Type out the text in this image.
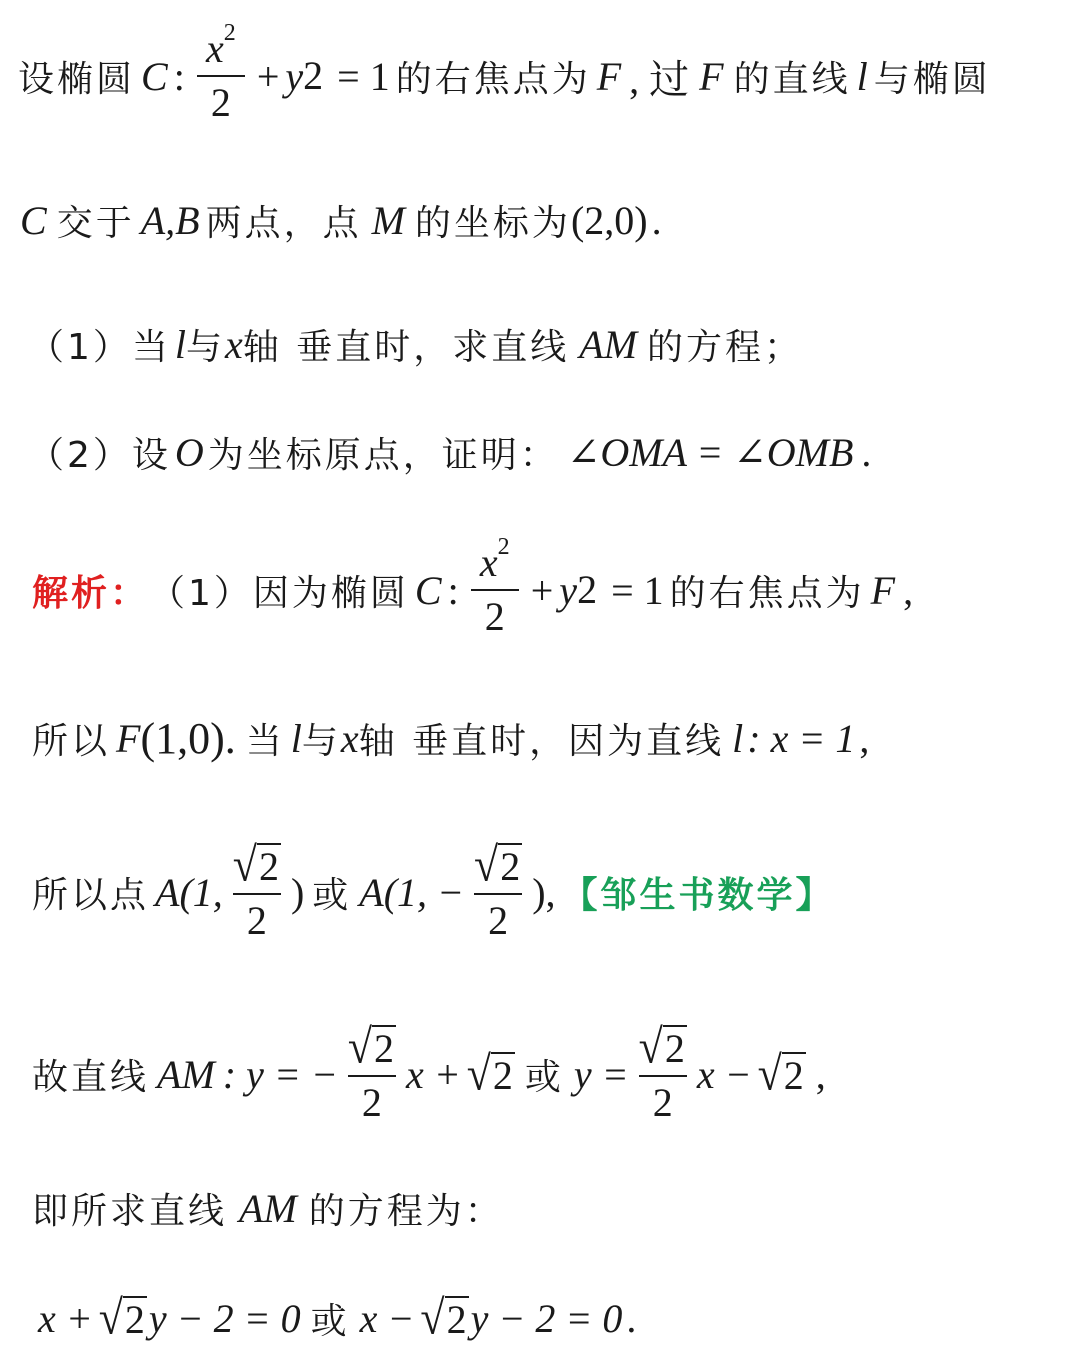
设椭圆 C : $\frac{x^2}{2} + y$ 2 = 1 的右焦点为 F , 过 F 的直线 l 与椭圆
C 交于 A,B 两点，点 M 的坐标为 (2,0) .
（1）当 l 与 x 轴 垂直时，求直线 AM 的方程；
（2）设 O 为坐标原点，证明： ∠OMA = ∠OMB .
解析： （1）因为椭圆 C : $\frac{x^2}{2} + y$ 2 = 1 的右焦点为 F ,
所以 F (1,0). 当 l 与 x 轴 垂直时，因为直线 l : x = 1 ,
所以点 A(1, $\frac{√ 2}{2}$ ) 或 A(1, − $\frac{√ 2}{2}$ ), 【邹生书数学】
故直线 AM : y = − $\frac{√ 2}{2}$ x + √ 2 或 $y = \frac{√ 2}{2}$ x − √ 2 ,
即所求直线 AM 的方程为：
x + √ 2 y − 2 = 0 或 x − √ 2 y − 2 = 0 .
